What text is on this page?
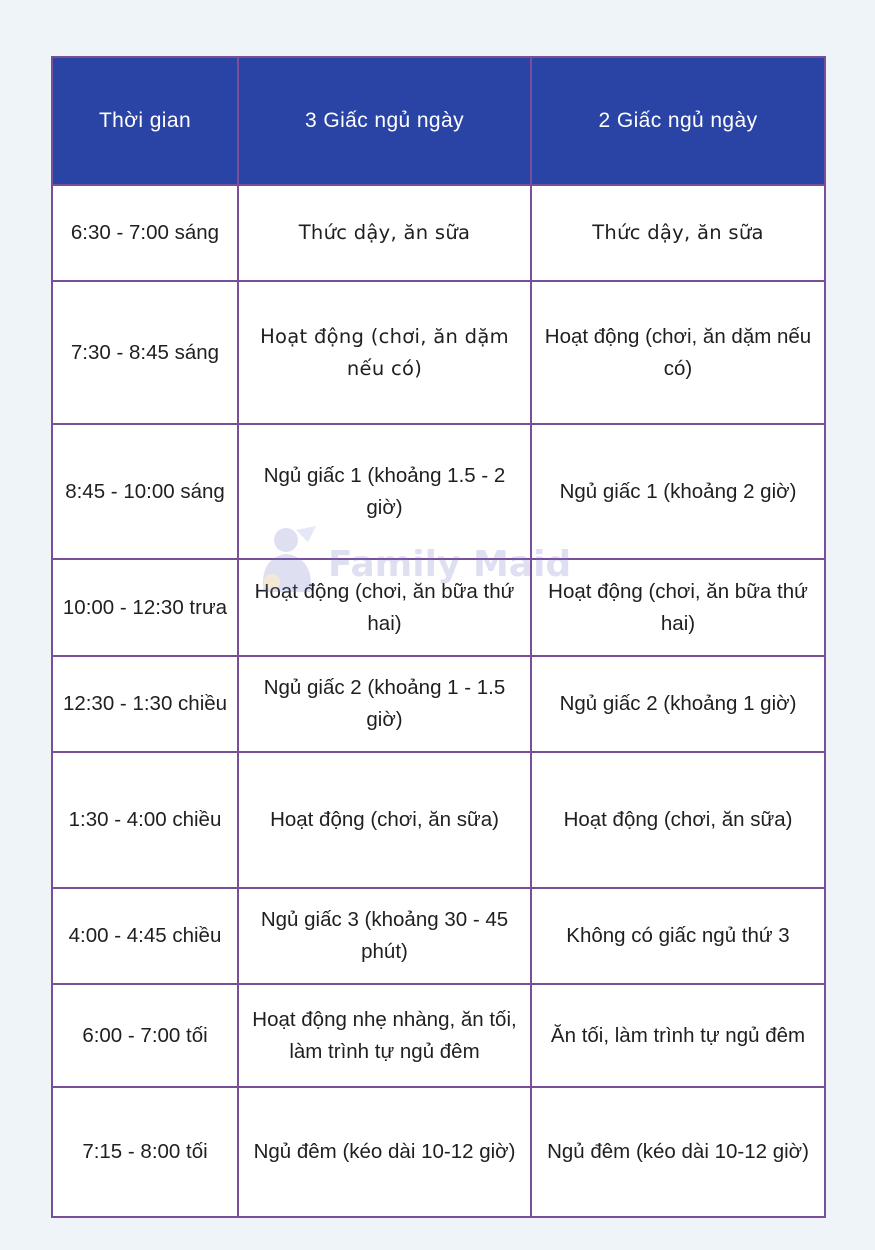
Thời gian	3 Giấc ngủ ngày	2 Giấc ngủ ngày
6:30 - 7:00 sáng	Thức dậy, ăn sữa	Thức dậy, ăn sữa
7:30 - 8:45 sáng	Hoạt động (chơi, ăn dặm nếu có)	Hoạt động (chơi, ăn dặm nếu có)
8:45 - 10:00 sáng	Ngủ giấc 1 (khoảng 1.5 - 2 giờ)	Ngủ giấc 1 (khoảng 2 giờ)
10:00 - 12:30 trưa	Hoạt động (chơi, ăn bữa thứ hai)	Hoạt động (chơi, ăn bữa thứ hai)
12:30 - 1:30 chiều	Ngủ giấc 2 (khoảng 1 - 1.5 giờ)	Ngủ giấc 2 (khoảng 1 giờ)
1:30 - 4:00 chiều	Hoạt động (chơi, ăn sữa)	Hoạt động (chơi, ăn sữa)
4:00 - 4:45 chiều	Ngủ giấc 3 (khoảng 30 - 45 phút)	Không có giấc ngủ thứ 3
6:00 - 7:00 tối	Hoạt động nhẹ nhàng, ăn tối, làm trình tự ngủ đêm	Ăn tối, làm trình tự ngủ đêm
7:15 - 8:00 tối	Ngủ đêm (kéo dài 10-12 giờ)	Ngủ đêm (kéo dài 10-12 giờ)
Family Maid
